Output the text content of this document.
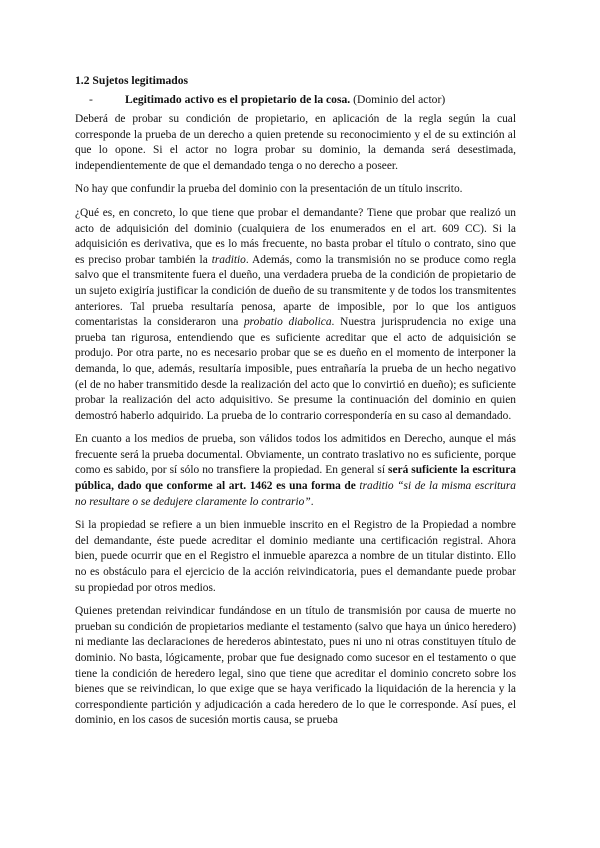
1.2 Sujetos legitimados
-	Legitimado activo es el propietario de la cosa. (Dominio del actor)

Deberá de probar su condición de propietario, en aplicación de la regla según la cual corresponde la prueba de un derecho a quien pretende su reconocimiento y el de su extinción al que lo opone. Si el actor no logra probar su dominio, la demanda será desestimada, independientemente de que el demandado tenga o no derecho a poseer.

No hay que confundir la prueba del dominio con la presentación de un título inscrito.

¿Qué es, en concreto, lo que tiene que probar el demandante? Tiene que probar que realizó un acto de adquisición del dominio (cualquiera de los enumerados en el art. 609 CC). Si la adquisición es derivativa, que es lo más frecuente, no basta probar el título o contrato, sino que es preciso probar también la traditio. Además, como la transmisión no se produce como regla salvo que el transmitente fuera el dueño, una verdadera prueba de la condición de propietario de un sujeto exigiría justificar la condición de dueño de su transmitente y de todos los transmitentes anteriores. Tal prueba resultaría penosa, aparte de imposible, por lo que los antiguos comentaristas la consideraron una probatio diabolica. Nuestra jurisprudencia no exige una prueba tan rigurosa, entendiendo que es suficiente acreditar que el acto de adquisición se produjo. Por otra parte, no es necesario probar que se es dueño en el momento de interponer la demanda, lo que, además, resultaría imposible, pues entrañaría la prueba de un hecho negativo (el de no haber transmitido desde la realización del acto que lo convirtió en dueño); es suficiente probar la realización del acto adquisitivo. Se presume la continuación del dominio en quien demostró haberlo adquirido. La prueba de lo contrario correspondería en su caso al demandado.

En cuanto a los medios de prueba, son válidos todos los admitidos en Derecho, aunque el más frecuente será la prueba documental. Obviamente, un contrato traslativo no es suficiente, porque como es sabido, por sí sólo no transfiere la propiedad. En general sí será suficiente la escritura pública, dado que conforme al art. 1462 es una forma de traditio “si de la misma escritura no resultare o se dedujere claramente lo contrario”.

Si la propiedad se refiere a un bien inmueble inscrito en el Registro de la Propiedad a nombre del demandante, éste puede acreditar el dominio mediante una certificación registral. Ahora bien, puede ocurrir que en el Registro el inmueble aparezca a nombre de un titular distinto. Ello no es obstáculo para el ejercicio de la acción reivindicatoria, pues el demandante puede probar su propiedad por otros medios.

Quienes pretendan reivindicar fundándose en un título de transmisión por causa de muerte no prueban su condición de propietarios mediante el testamento (salvo que haya un único heredero) ni mediante las declaraciones de herederos abintestato, pues ni uno ni otras constituyen título de dominio. No basta, lógicamente, probar que fue designado como sucesor en el testamento o que tiene la condición de heredero legal, sino que tiene que acreditar el dominio concreto sobre los bienes que se reivindican, lo que exige que se haya verificado la liquidación de la herencia y la correspondiente partición y adjudicación a cada heredero de lo que le corresponde. Así pues, el dominio, en los casos de sucesión mortis causa, se prueba
